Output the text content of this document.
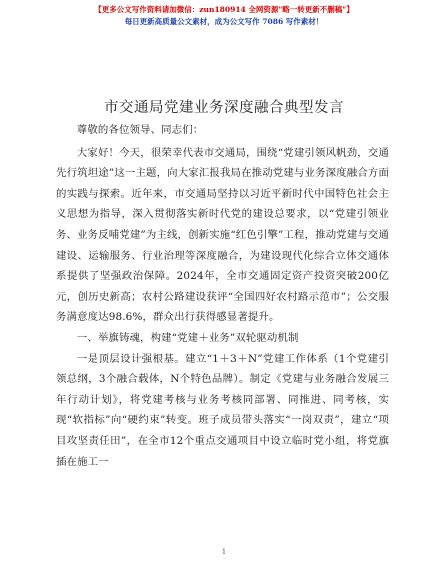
【更多公文写作资料请加微信：zun180914 全网资源"略一转更新不删稿"】
每日更新高质量公文素材，成为公文写作 7086 写作素材！
市交通局党建业务深度融合典型发言

尊敬的各位领导、同志们：

大家好！今天，很荣幸代表市交通局，围绕“党建引领风帆劲，交通先行筑坦途”这一主题，向大家汇报我局在推动党建与业务深度融合方面的实践与探索。近年来，市交通局坚持以习近平新时代中国特色社会主义思想为指导，深入贯彻落实新时代党的建设总要求，以“党建引领业务、业务反哺党建”为主线，创新实施“红色引擎”工程，推动党建与交通建设、运输服务、行业治理等深度融合，为建设现代化综合立体交通体系提供了坚强政治保障。2024年，全市交通固定资产投资突破200亿元，创历史新高；农村公路建设获评“全国四好农村路示范市”；公交服务满意度达98.6%，群众出行获得感显著提升。

一、举旗铸魂，构建“党建＋业务”双轮驱动机制

一是顶层设计强根基。建立“1＋3＋N”党建工作体系（1个党建引领总纲，3个融合载体，N个特色品牌）。制定《党建与业务融合发展三年行动计划》，将党建考核与业务考核同部署、同推进、同考核，实现“软指标”向“硬约束”转变。班子成员带头落实“一岗双责”，建立“项目攻坚责任田”，在全市12个重点交通项目中设立临时党小组，将党旗插在施工一

1
